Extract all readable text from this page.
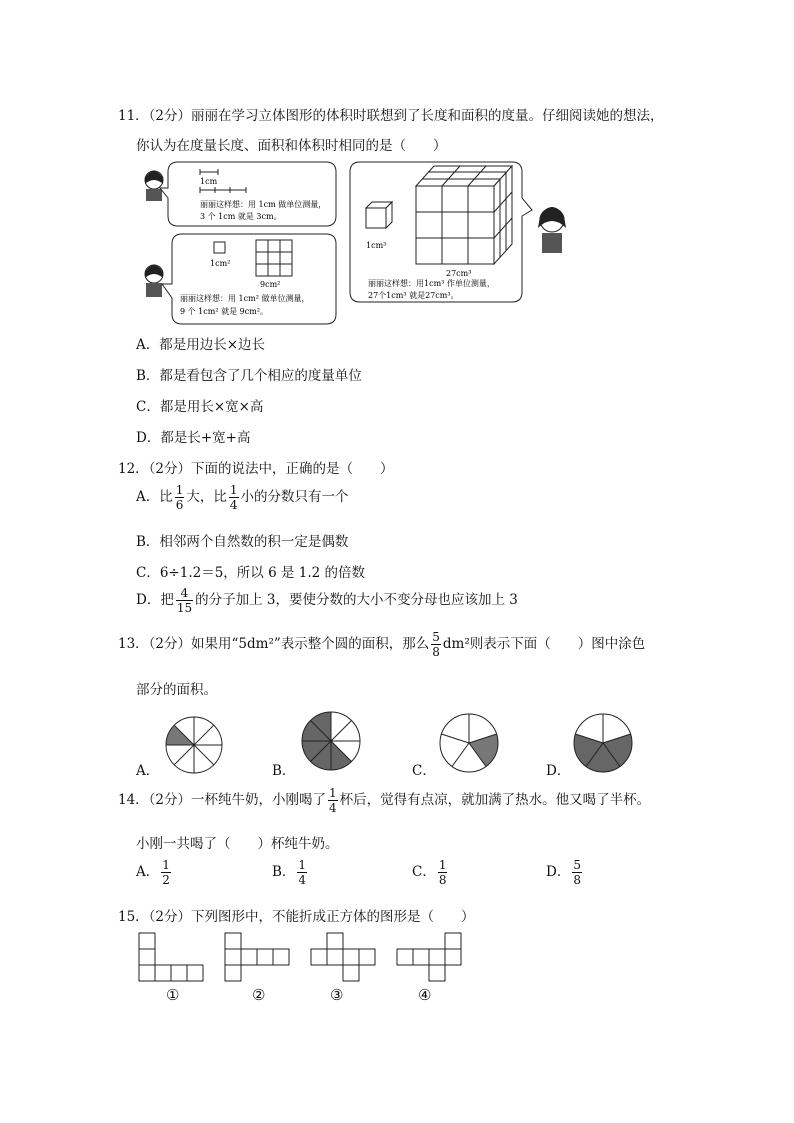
11．（2分）丽丽在学习立体图形的体积时联想到了长度和面积的度量。仔细阅读她的想法，
你认为在度量长度、面积和体积时相同的是（　　）
1cm
丽丽这样想：用 1cm 做单位测量，
3 个 1cm 就是 3cm。
1cm²
9cm²
丽丽这样想：用 1cm² 做单位测量，
9 个 1cm² 就是 9cm²。
1cm³
27cm³
丽丽这样想：用1cm³ 作单位测量，
27个1cm³ 就是27cm³。
A．都是用边长×边长
B．都是看包含了几个相应的度量单位
C．都是用长×宽×高
D．都是长+宽+高
12．（2分）下面的说法中，正确的是（　　）
A．比 $\frac{1}{6}$ 大，比 $\frac{1}{4}$ 小的分数只有一个
B．相邻两个自然数的积一定是偶数
C．6÷1.2＝5，所以 6 是 1.2 的倍数
D．把 $\frac{4}{15}$ 的分子加上 3，要使分数的大小不变分母也应该加上 3
13．（2分）如果用“5dm²”表示整个圆的面积，那么 $\frac{5}{8} dm^2$则表示下面（　　）图中涂色
部分的面积。
A．	B．	C．	D．
14．（2分）一杯纯牛奶，小刚喝了 $\frac{1}{4}$ 杯后，觉得有点凉，就加满了热水。他又喝了半杯。
小刚一共喝了（　　）杯纯牛奶。
A． $\frac{1}{2}$	B． $\frac{1}{4}$	C． $\frac{1}{8}$	D． $\frac{5}{8}$
15．（2分）下列图形中，不能折成正方体的图形是（　　）
①	②	③	④
